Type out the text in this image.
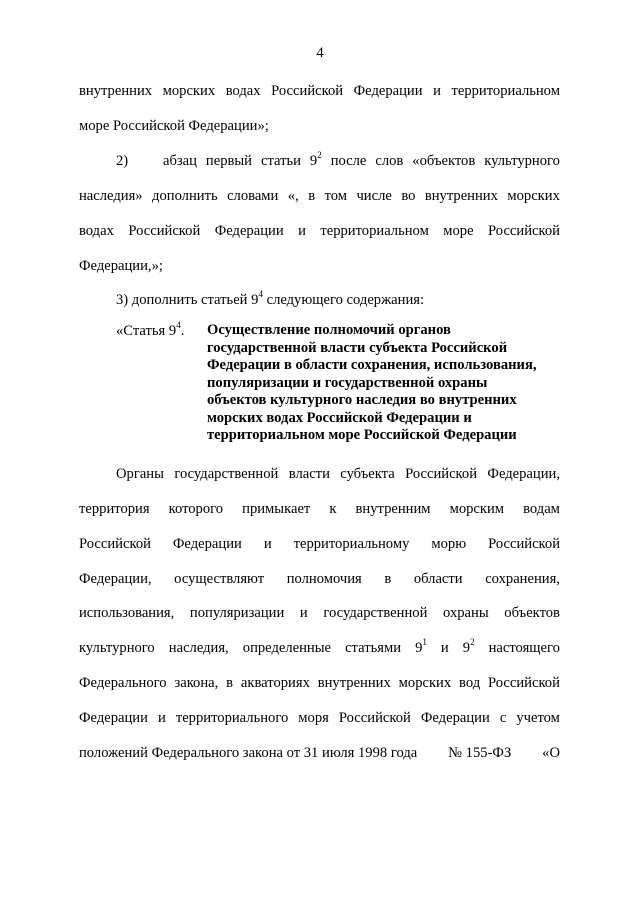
4
внутренних морских водах Российской Федерации и территориальном
море Российской Федерации»;
2)	абзац первый статьи $9^2$ после слов «объектов культурного
наследия» дополнить словами «, в том числе во внутренних морских
водах Российской Федерации и территориальном море Российской
Федерации,»;
3) дополнить статьей $9^4$ следующего содержания:
«Статья $9^4$. Осуществление полномочий органов
государственной власти субъекта Российской
Федерации в области сохранения, использования,
популяризации и государственной охраны
объектов культурного наследия во внутренних
морских водах Российской Федерации и
территориальном море Российской Федерации
Органы государственной власти субъекта Российской Федерации,
территория которого примыкает к внутренним морским водам
Российской Федерации и территориальному морю Российской
Федерации, осуществляют полномочия в области сохранения,
использования, популяризации и государственной охраны объектов
культурного наследия, определенные статьями $9^1$ и $9^2$ настоящего
Федерального закона, в акваториях внутренних морских вод Российской
Федерации и территориального моря Российской Федерации с учетом
положений Федерального закона от 31 июля 1998 года № 155-ФЗ «О
